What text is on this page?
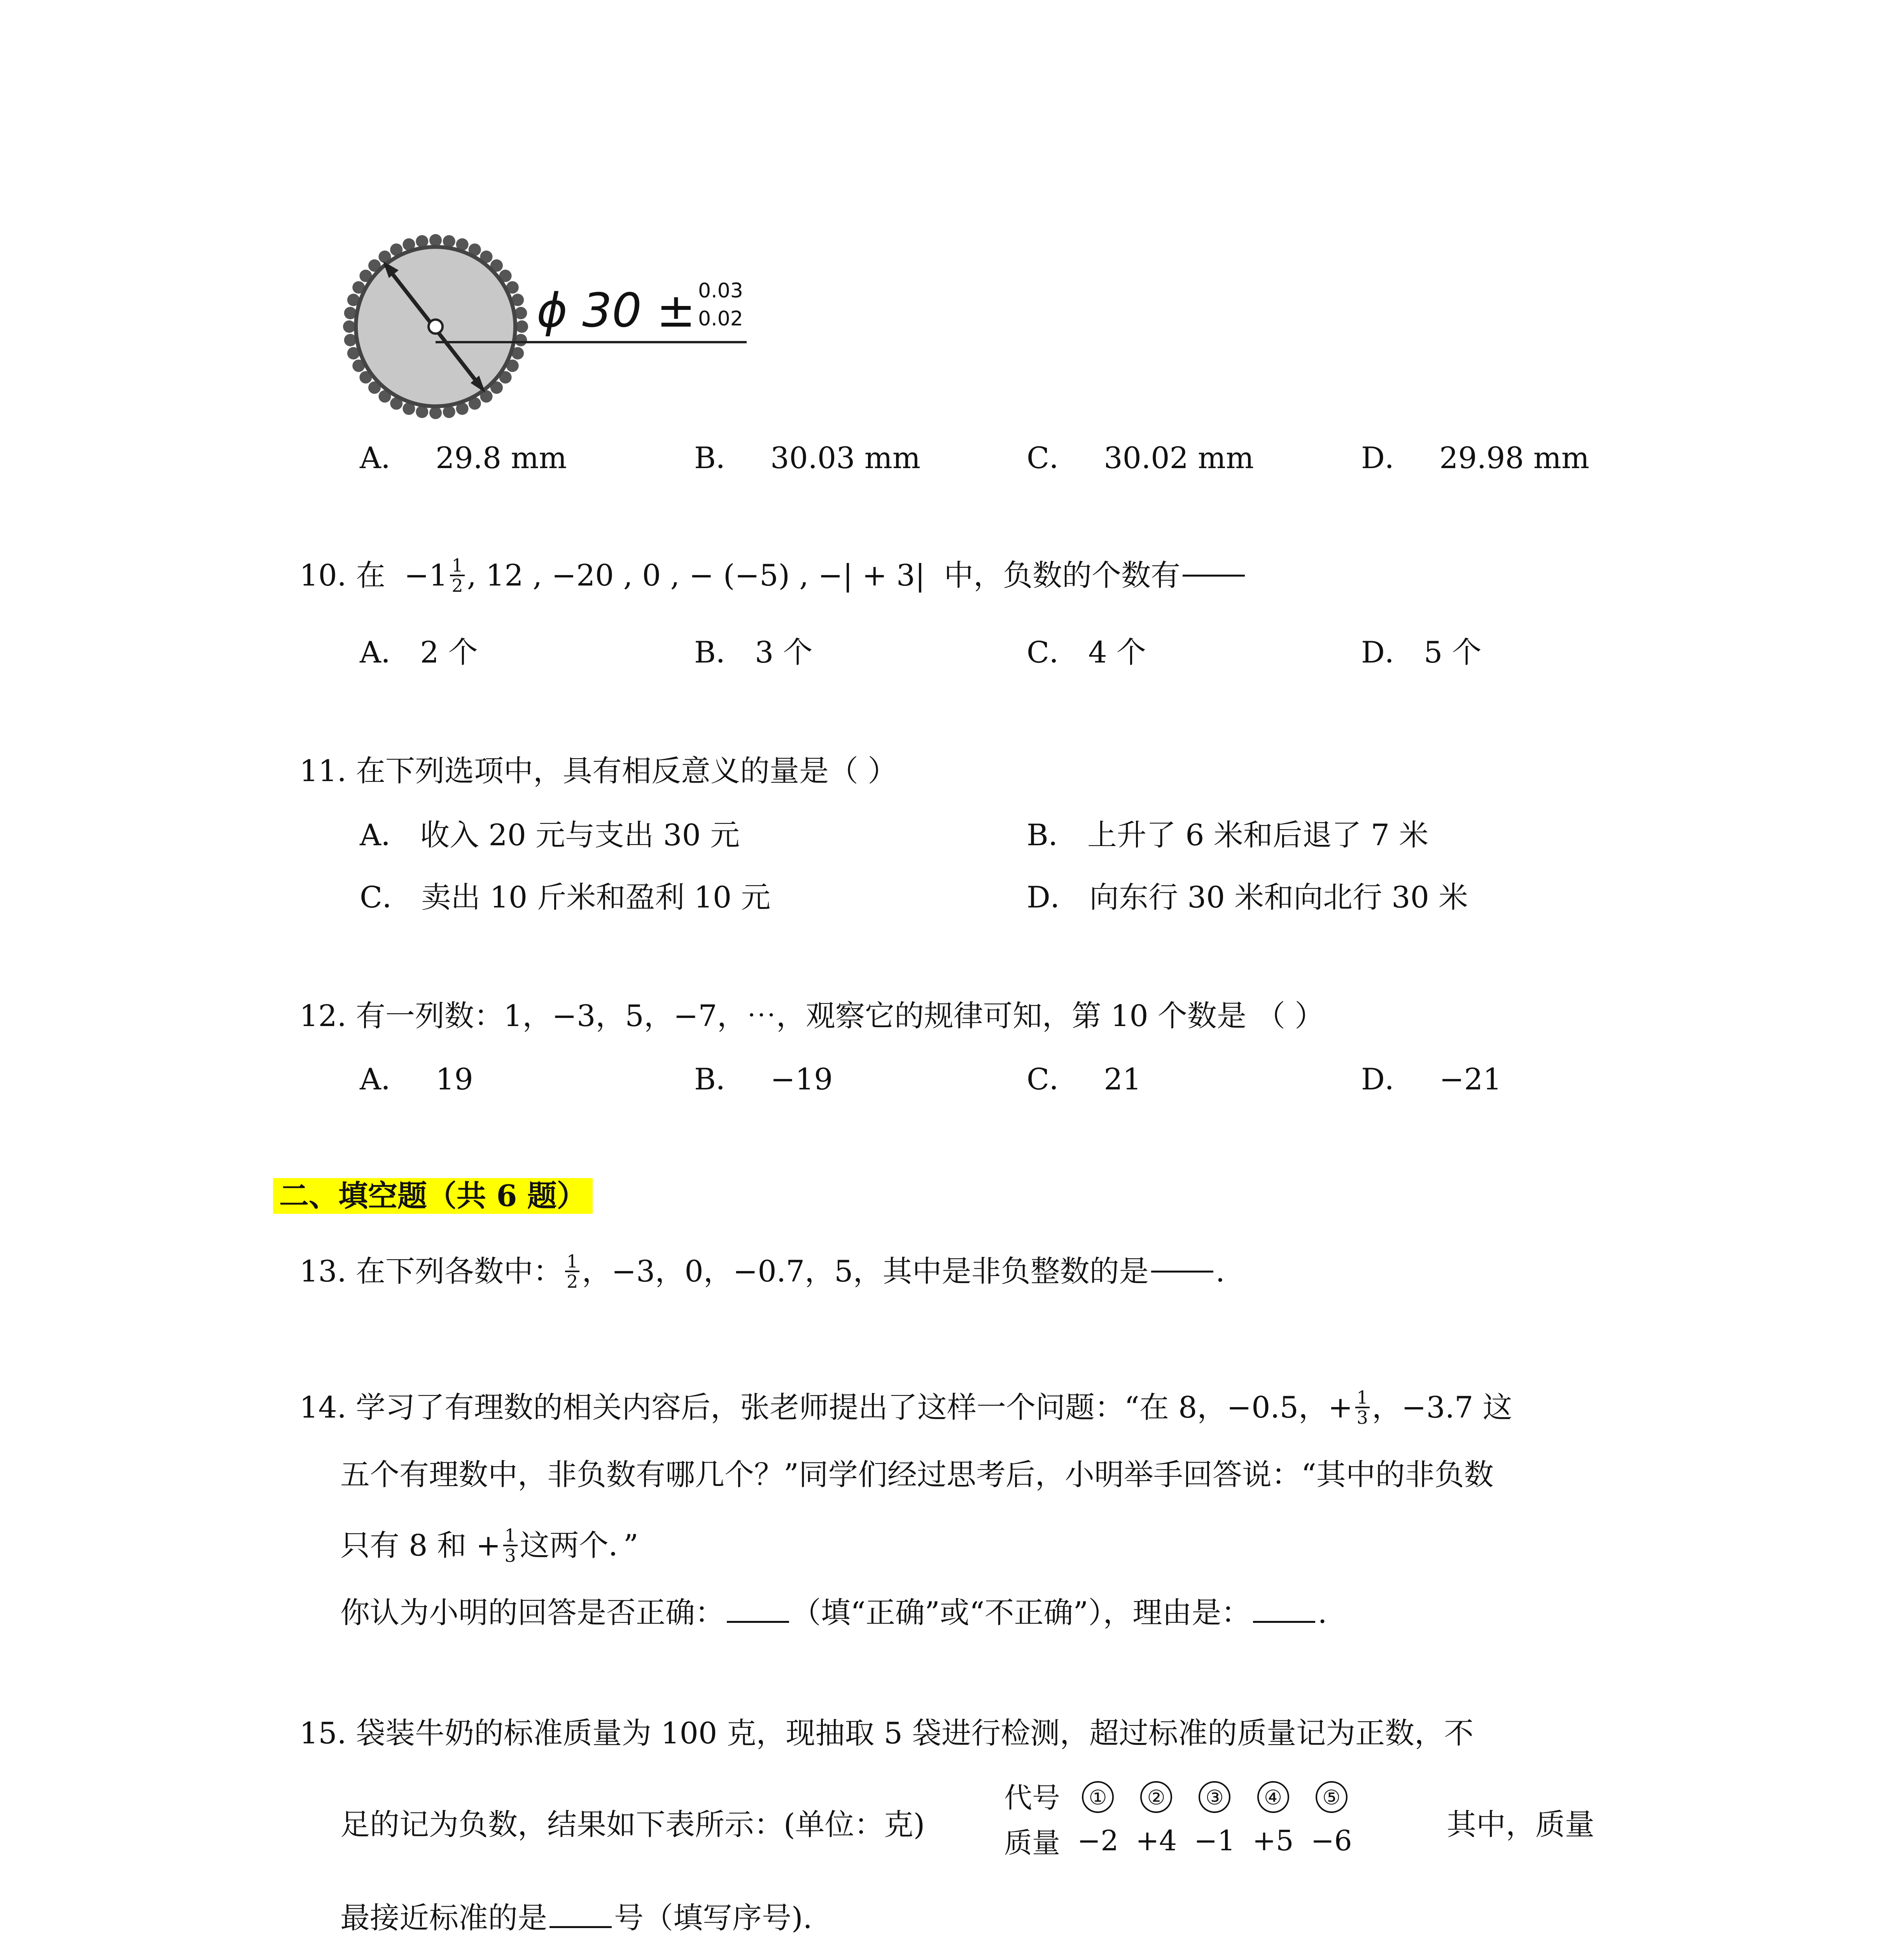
ϕ 30 ± 0.03
0.02
A． 29.8 mm	B． 30.03 mm	C． 30.02 mm	D． 29.98 mm
10.
在
$-1 \frac{1}{2}$ , 12 , −20 , 0 , − (−5) , −| + 3|
中，负数的个数有
A． 2 个	B． 3 个	C． 4 个	D． 5 个
11. 在下列选项中，具有相反意义的量是（ ）
A． 收入 20 元与支出 30 元	B． 上升了 6 米和后退了 7 米
C． 卖出 10 斤米和盈利 10 元	D． 向东行 30 米和向北行 30 米
12. 有一列数：1，−3，5，−7，⋯，观察它的规律可知，第 10 个数是 （ ）
A． 19	B． −19	C． 21	D． −21
二、填空题（共 6 题）
13.
在下列各数中： $\frac{1}{2}$ ，−3，0，−0.7，5，其中是非负整数的是 .
14.
学习了有理数的相关内容后，张老师提出了这样一个问题：“在 8，−0.5，+ $\frac{1}{3}$ ，−3.7 这
五个有理数中，非负数有哪几个？”同学们经过思考后，小明举手回答说：“其中的非负数
只有 8 和 + $\frac{1}{3}$ 这两个．”
你认为小明的回答是否正确： （填“正确”或“不正确”），理由是： .
15. 袋装牛奶的标准质量为 100 克，现抽取 5 袋进行检测，超过标准的质量记为正数，不
足的记为负数，结果如下表所示：(单位：克)
代号	①	②	③	④	⑤
质量	−2	+4	−1	+5	−6	其中，质量
最接近标准的是 号（填写序号).
